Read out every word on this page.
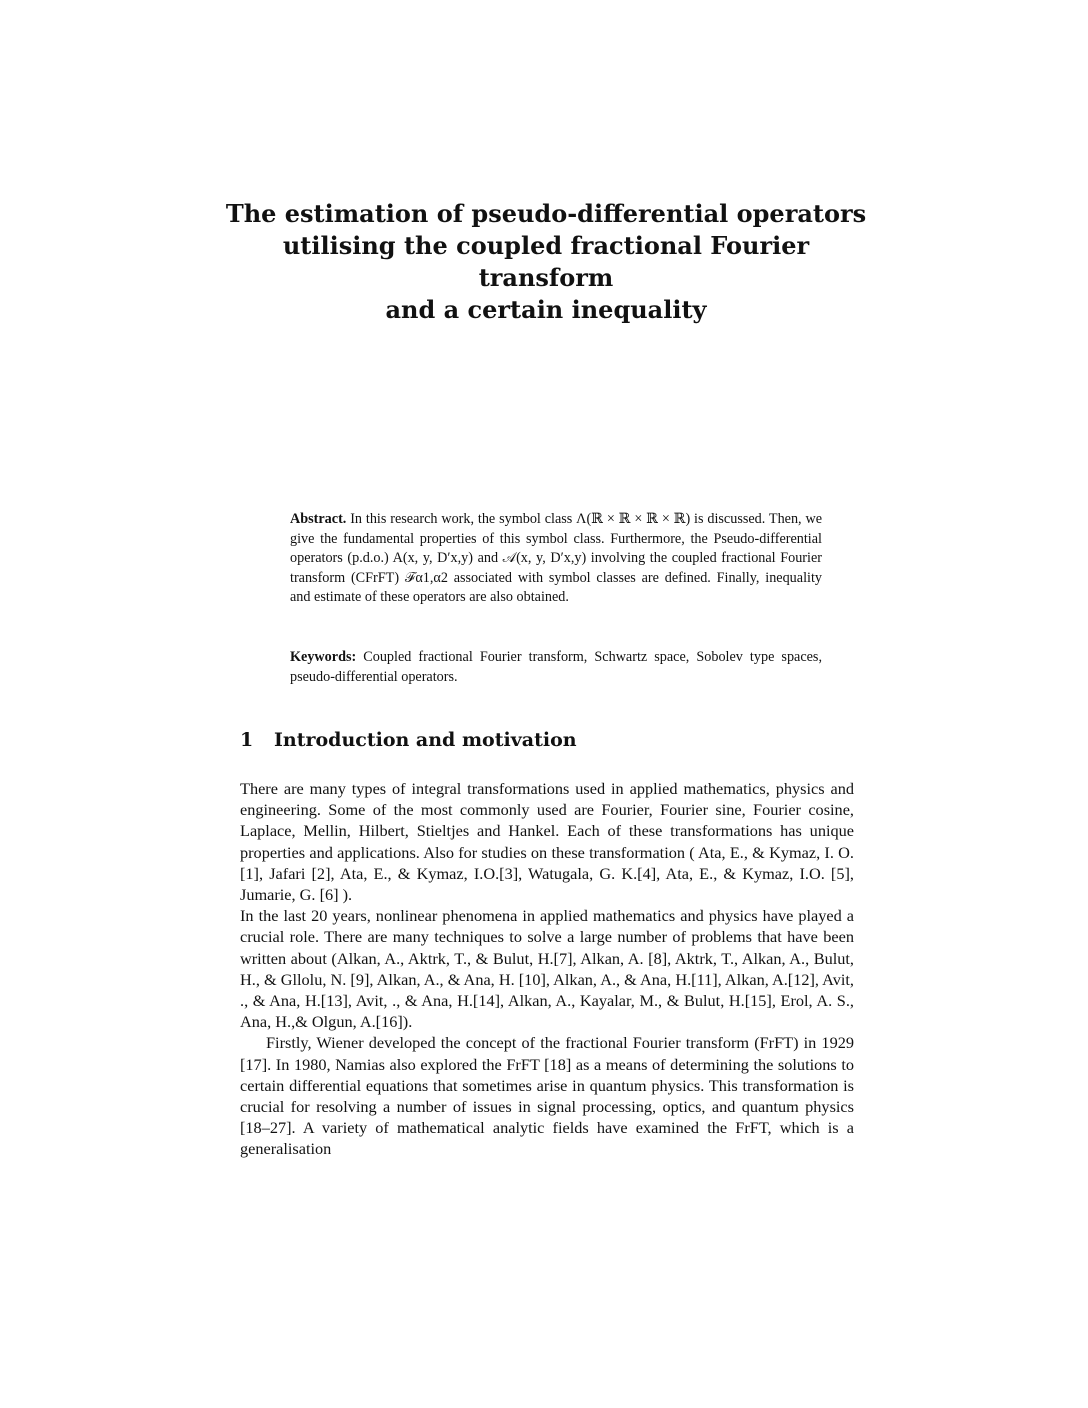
The estimation of pseudo-differential operators
utilising the coupled fractional Fourier transform
and a certain inequality

Abstract. In this research work, the symbol class Λ(ℝ × ℝ × ℝ × ℝ) is discussed. Then, we give the fundamental properties of this symbol class. Furthermore, the Pseudo-differential operators (p.d.o.) A(x, y, D′x,y) and 𝒜(x, y, D′x,y) involving the coupled fractional Fourier transform (CFrFT) ℱα1,α2 associated with symbol classes are defined. Finally, inequality and estimate of these operators are also obtained.

Keywords: Coupled fractional Fourier transform, Schwartz space, Sobolev type spaces, pseudo-differential operators.

1 Introduction and motivation

There are many types of integral transformations used in applied mathematics, physics and engineering. Some of the most commonly used are Fourier, Fourier sine, Fourier cosine, Laplace, Mellin, Hilbert, Stieltjes and Hankel. Each of these transformations has unique properties and applications. Also for studies on these transformation ( Ata, E., & Kymaz, I. O.[1], Jafari [2], Ata, E., & Kymaz, I.O.[3], Watugala, G. K.[4], Ata, E., & Kymaz, I.O. [5], Jumarie, G. [6] ).

In the last 20 years, nonlinear phenomena in applied mathematics and physics have played a crucial role. There are many techniques to solve a large number of problems that have been written about (Alkan, A., Aktrk, T., & Bulut, H.[7], Alkan, A. [8], Aktrk, T., Alkan, A., Bulut, H., & Gllolu, N. [9], Alkan, A., & Ana, H. [10], Alkan, A., & Ana, H.[11], Alkan, A.[12], Avit, ., & Ana, H.[13], Avit, ., & Ana, H.[14], Alkan, A., Kayalar, M., & Bulut, H.[15], Erol, A. S., Ana, H.,& Olgun, A.[16]).

Firstly, Wiener developed the concept of the fractional Fourier transform (FrFT) in 1929 [17]. In 1980, Namias also explored the FrFT [18] as a means of determining the solutions to certain differential equations that sometimes arise in quantum physics. This transformation is crucial for resolving a number of issues in signal processing, optics, and quantum physics [18–27]. A variety of mathematical analytic fields have examined the FrFT, which is a generalisation
